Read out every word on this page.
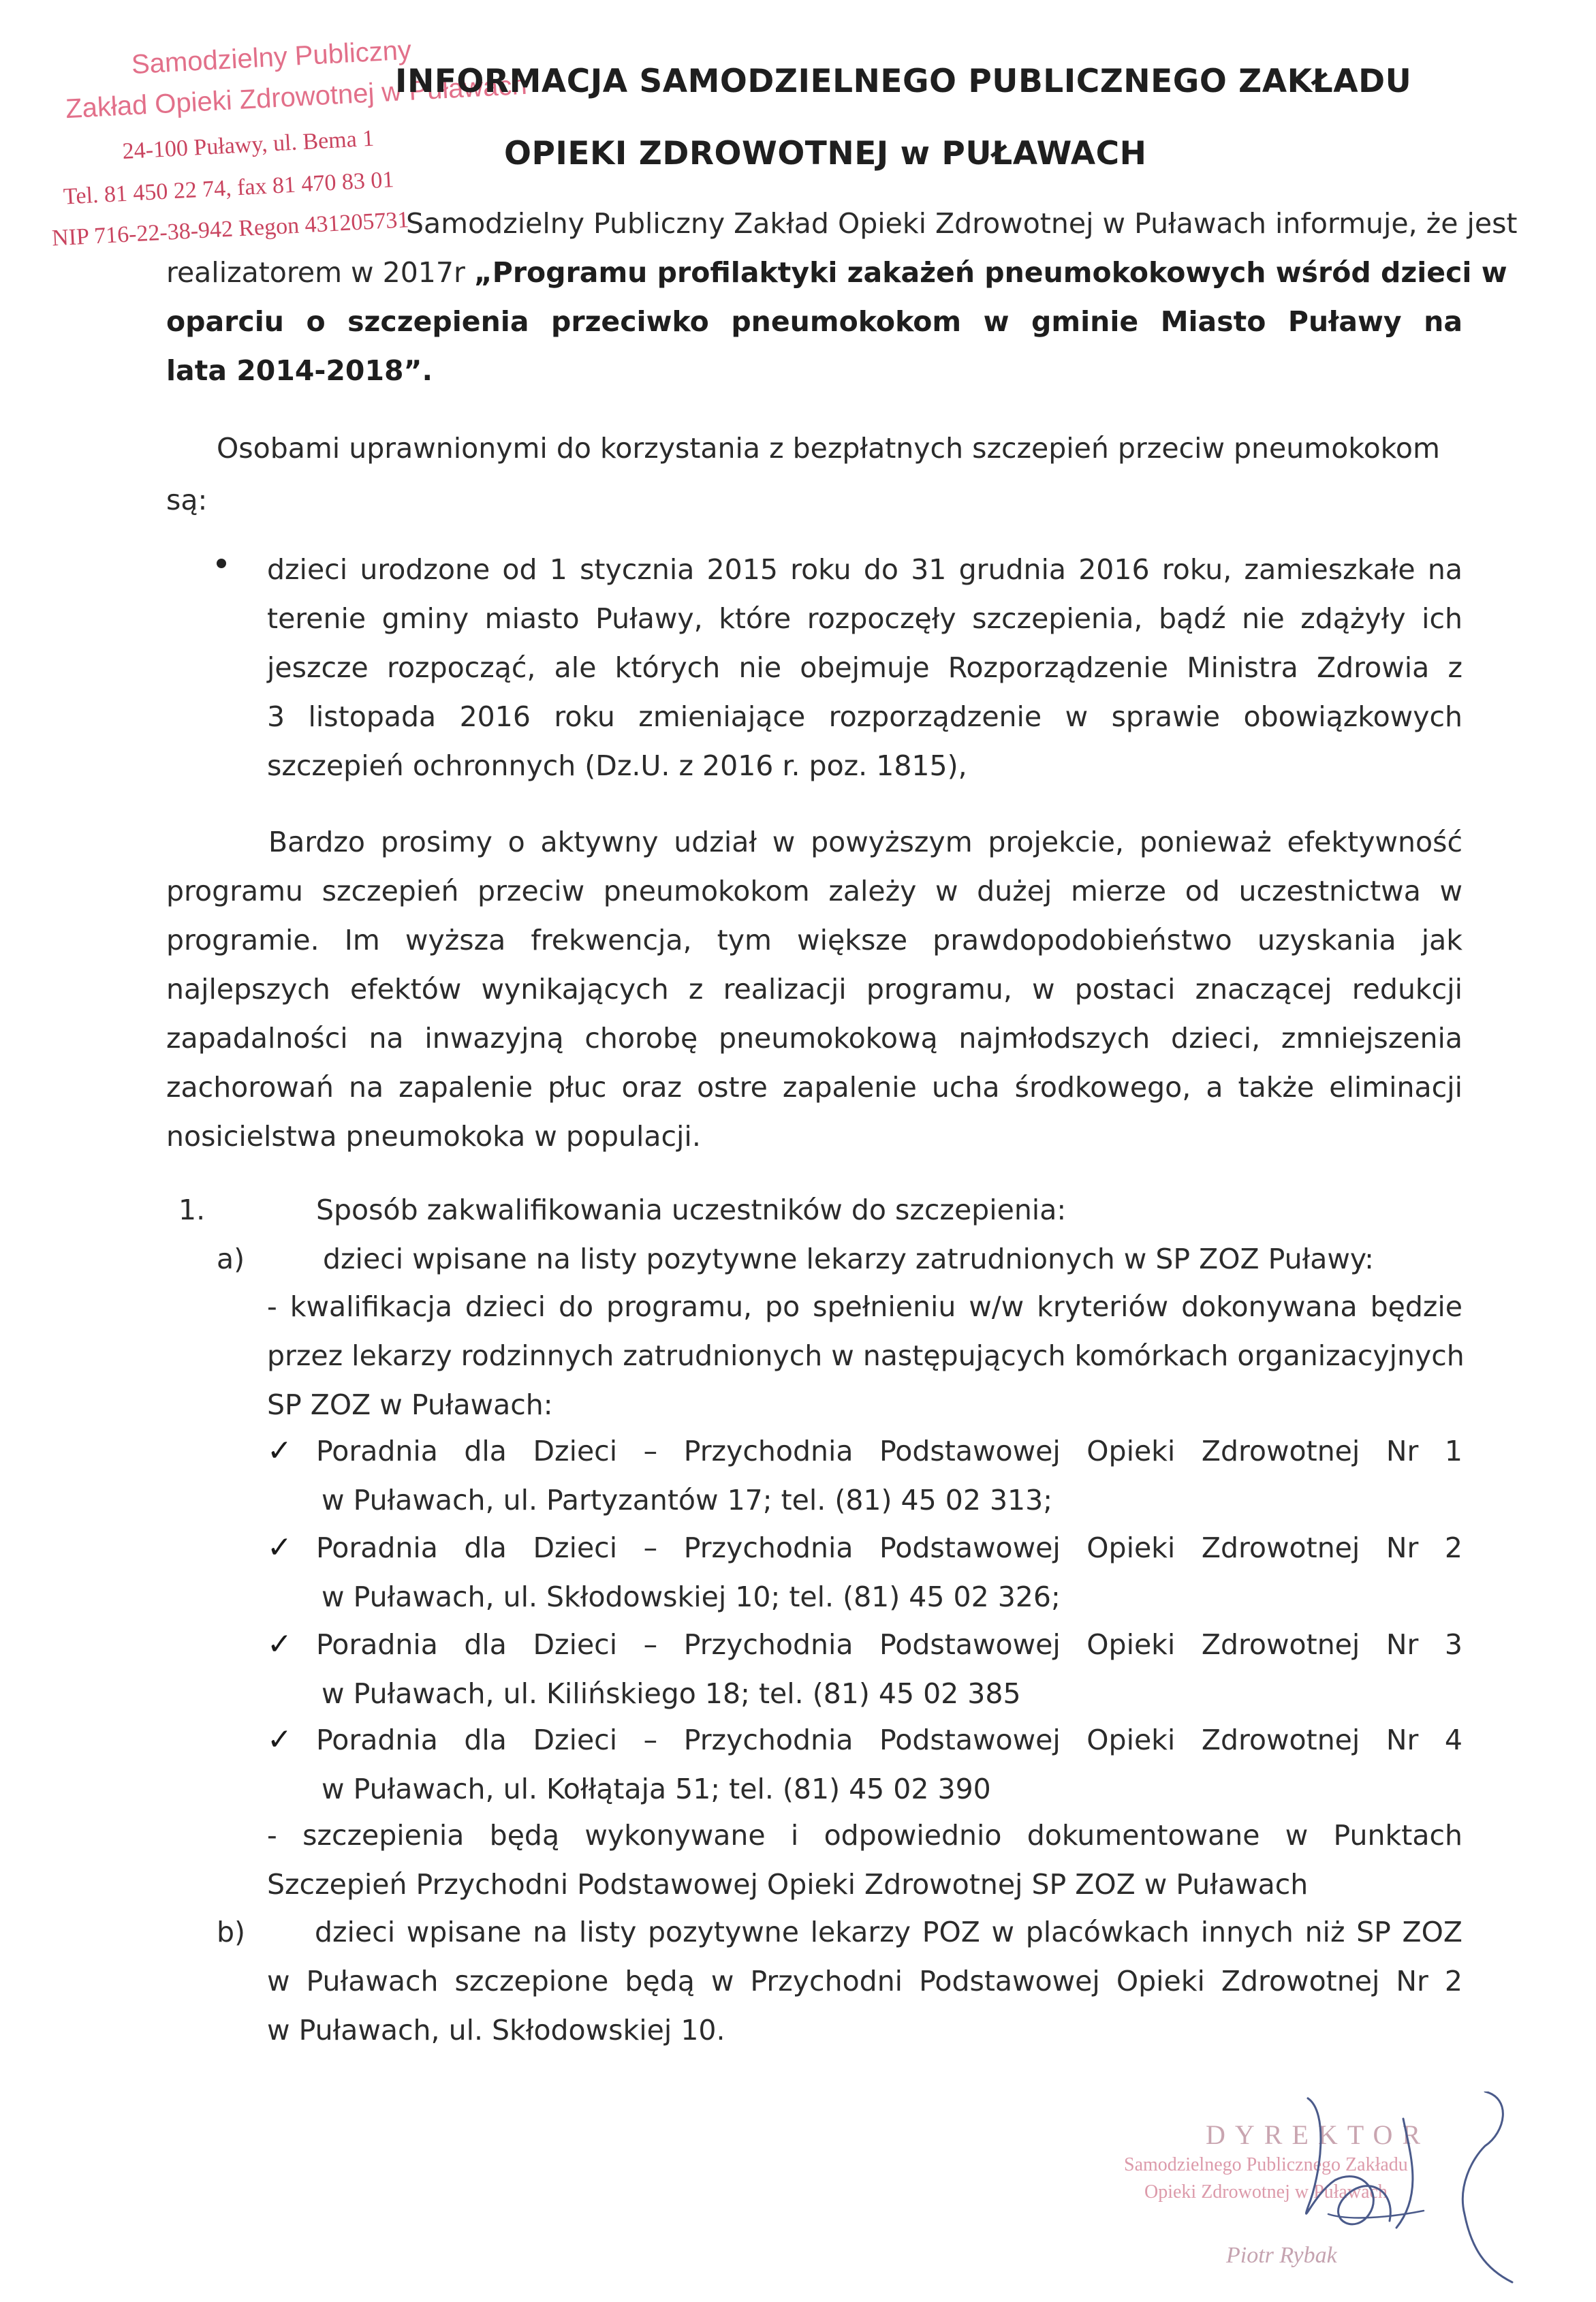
Samodzielny Publiczny
Zakład Opieki Zdrowotnej w Puławach
24-100 Puławy, ul. Bema 1
Tel. 81 450 22 74, fax 81 470 83 01
NIP 716-22-38-942 Regon 431205731
INFORMACJA SAMODZIELNEGO PUBLICZNEGO ZAKŁADU
OPIEKI ZDROWOTNEJ w PUŁAWACH
Samodzielny Publiczny Zakład Opieki Zdrowotnej w Puławach informuje, że jest
realizatorem w 2017r „Programu profilaktyki zakażeń pneumokokowych wśród dzieci w
oparciu o szczepienia przeciwko pneumokokom w gminie Miasto Puławy na
lata 2014-2018”.
Osobami uprawnionymi do korzystania z bezpłatnych szczepień przeciw pneumokokom
są:
dzieci urodzone od 1 stycznia 2015 roku do 31 grudnia 2016 roku, zamieszkałe na
terenie gminy miasto Puławy, które rozpoczęły szczepienia, bądź nie zdążyły ich
jeszcze rozpocząć, ale których nie obejmuje Rozporządzenie Ministra Zdrowia z
3 listopada 2016 roku zmieniające rozporządzenie w sprawie obowiązkowych
szczepień ochronnych (Dz.U. z 2016 r. poz. 1815),
Bardzo prosimy o aktywny udział w powyższym projekcie, ponieważ efektywność
programu szczepień przeciw pneumokokom zależy w dużej mierze od uczestnictwa w
programie. Im wyższa frekwencja, tym większe prawdopodobieństwo uzyskania jak
najlepszych efektów wynikających z realizacji programu, w postaci znaczącej redukcji
zapadalności na inwazyjną chorobę pneumokokową najmłodszych dzieci, zmniejszenia
zachorowań na zapalenie płuc oraz ostre zapalenie ucha środkowego, a także eliminacji
nosicielstwa pneumokoka w populacji.
1.	Sposób zakwalifikowania uczestników do szczepienia:
a)	dzieci wpisane na listy pozytywne lekarzy zatrudnionych w SP ZOZ Puławy:
- kwalifikacja dzieci do programu, po spełnieniu w/w kryteriów dokonywana będzie
przez lekarzy rodzinnych zatrudnionych w następujących komórkach organizacyjnych
SP ZOZ w Puławach:
✓ Poradnia dla Dzieci – Przychodnia Podstawowej Opieki Zdrowotnej Nr 1
w Puławach, ul. Partyzantów 17; tel. (81) 45 02 313;
✓ Poradnia dla Dzieci – Przychodnia Podstawowej Opieki Zdrowotnej Nr 2
w Puławach, ul. Skłodowskiej 10; tel. (81) 45 02 326;
✓ Poradnia dla Dzieci – Przychodnia Podstawowej Opieki Zdrowotnej Nr 3
w Puławach, ul. Kilińskiego 18; tel. (81) 45 02 385
✓ Poradnia dla Dzieci – Przychodnia Podstawowej Opieki Zdrowotnej Nr 4
w Puławach, ul. Kołłątaja 51; tel. (81) 45 02 390
- szczepienia będą wykonywane i odpowiednio dokumentowane w Punktach
Szczepień Przychodni Podstawowej Opieki Zdrowotnej SP ZOZ w Puławach
b)	dzieci wpisane na listy pozytywne lekarzy POZ w placówkach innych niż SP ZOZ
w Puławach szczepione będą w Przychodni Podstawowej Opieki Zdrowotnej Nr 2
w Puławach, ul. Skłodowskiej 10.
DYREKTOR
Samodzielnego Publicznego Zakładu
Opieki Zdrowotnej w Puławach
Piotr Rybak
